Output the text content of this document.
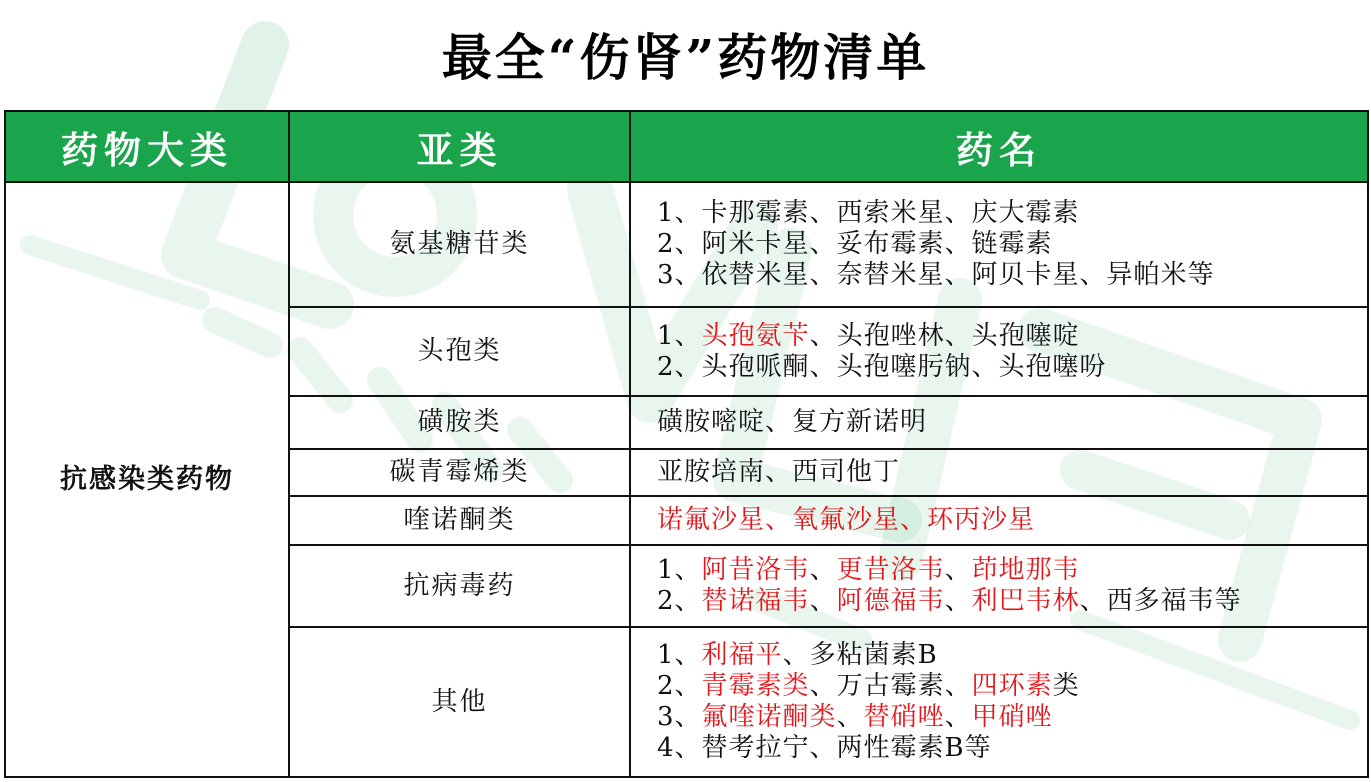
最全“伤肾”药物清单
药物大类	亚类	药名
抗感染类药物	氨基糖苷类	1、卡那霉素、西索米星、庆大霉素
2、阿米卡星、妥布霉素、链霉素
3、依替米星、奈替米星、阿贝卡星、异帕米等

	头孢类	1、头孢氨苄、头孢唑林、头孢噻啶
2、头孢哌酮、头孢噻肟钠、头孢噻吩

	磺胺类	磺胺嘧啶、复方新诺明

	碳青霉烯类	亚胺培南、西司他丁

	喹诺酮类	诺氟沙星、氧氟沙星、环丙沙星

	抗病毒药	1、阿昔洛韦、更昔洛韦、茚地那韦
2、替诺福韦、阿德福韦、利巴韦林、西多福韦等

	其他	1、利福平、多粘菌素B
2、青霉素类、万古霉素、四环素类
3、氟喹诺酮类、替硝唑、甲硝唑
4、替考拉宁、两性霉素B等
